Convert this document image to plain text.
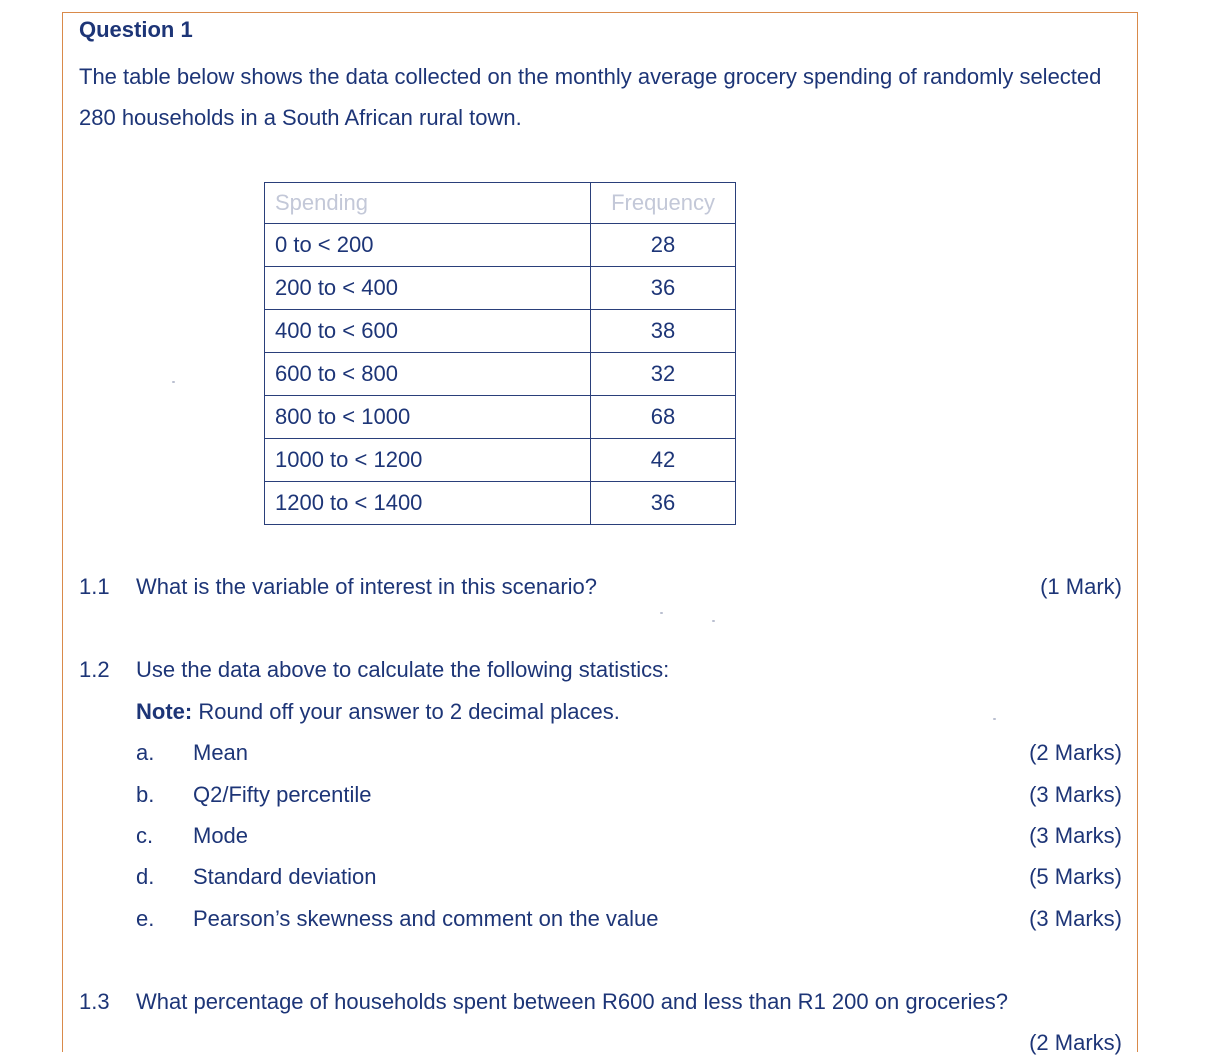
Question 1
The table below shows the data collected on the monthly average grocery spending of randomly selected 280 households in a South African rural town.
Spending	Frequency
0 to < 200	28
200 to < 400	36
400 to < 600	38
600 to < 800	32
800 to < 1000	68
1000 to < 1200	42
1200 to < 1400	36
1.1 What is the variable of interest in this scenario?	(1 Mark)
1.2 Use the data above to calculate the following statistics:
Note: Round off your answer to 2 decimal places.
a. Mean	(2 Marks)
b. Q2/Fifty percentile	(3 Marks)
c. Mode	(3 Marks)
d. Standard deviation	(5 Marks)
e. Pearson’s skewness and comment on the value	(3 Marks)
1.3 What percentage of households spent between R600 and less than R1 200 on groceries?
(2 Marks)
